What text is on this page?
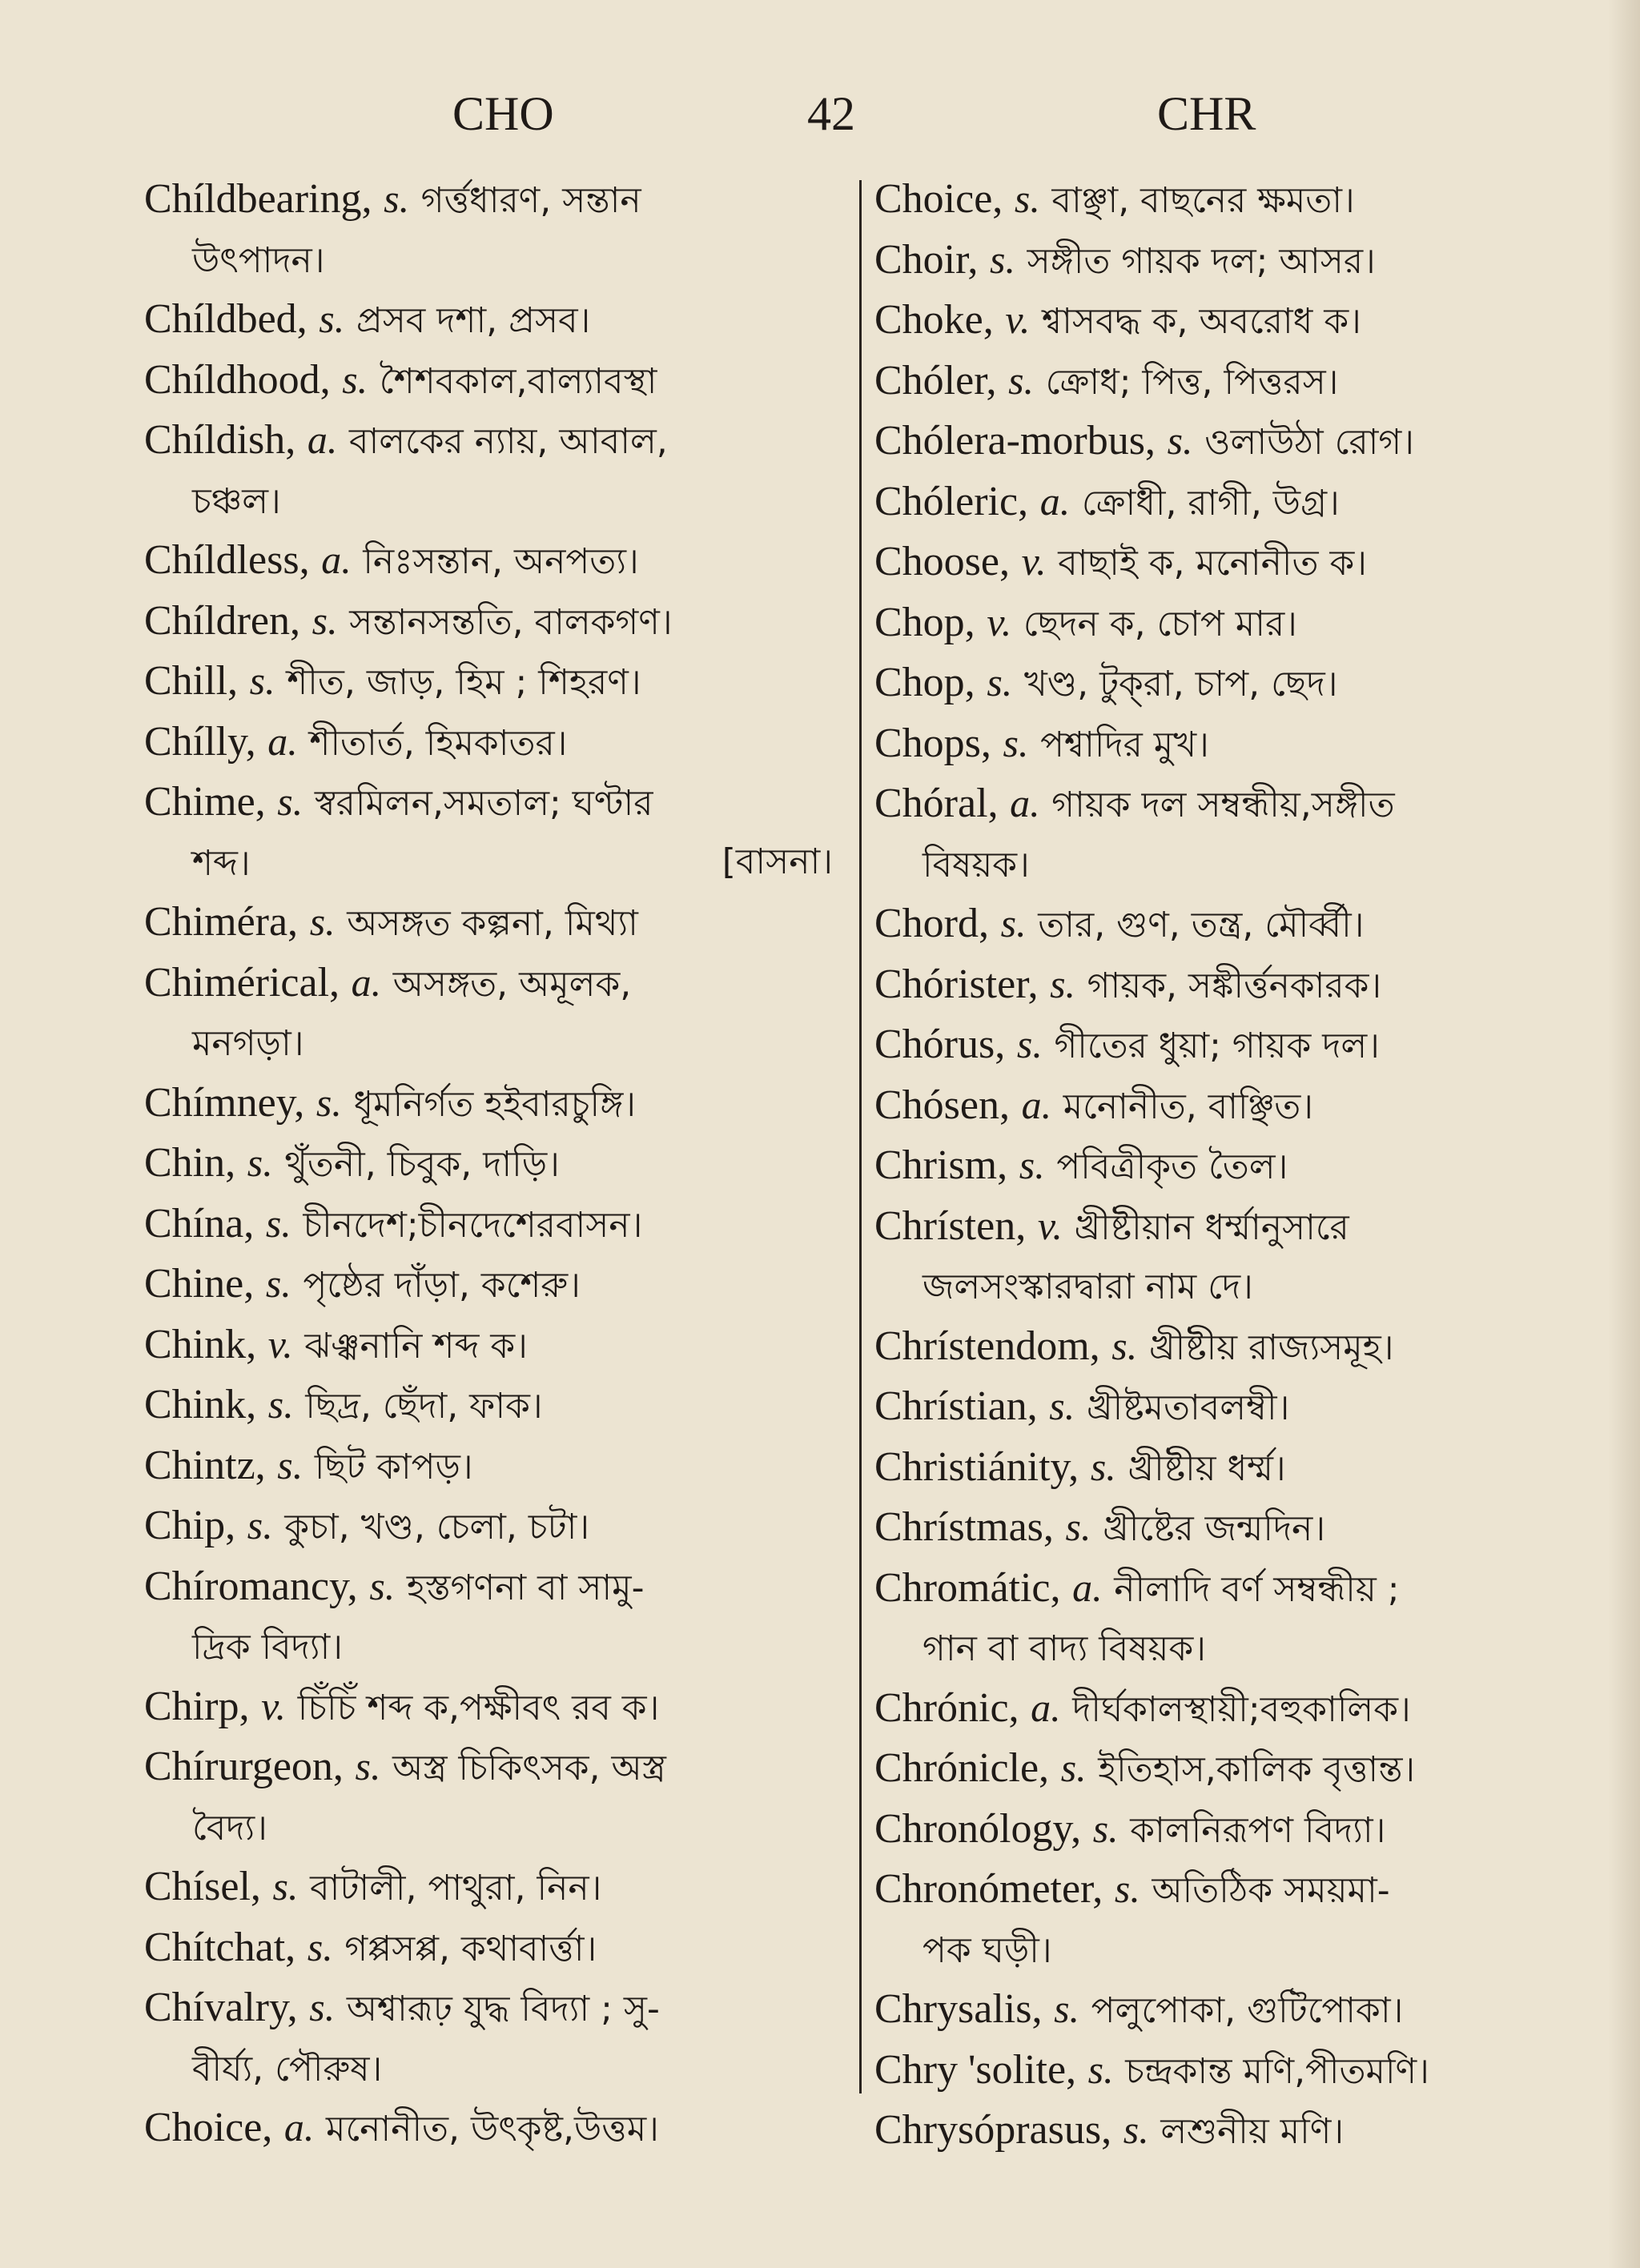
CHO	42	CHR
Chíldbearing, s. গর্ত্তধারণ, সন্তান
উৎপাদন।
Chíldbed, s. প্রসব দশা, প্রসব।
Chíldhood, s. শৈশবকাল,বাল্যাবস্থা
Chíldish, a. বালকের ন্যায়, আবাল,
চঞ্চল।
Chíldless, a. নিঃসন্তান, অনপত্য।
Chíldren, s. সন্তানসন্ততি, বালকগণ।
Chill, s. শীত, জাড়, হিম ; শিহরণ।
Chílly, a. শীতার্ত, হিমকাতর।
Chime, s. স্বরমিলন,সমতাল; ঘণ্টার
শব্দ।	[বাসনা।
Chiméra, s. অসঙ্গত কল্পনা, মিথ্যা
Chimérical, a. অসঙ্গত, অমূলক,
মনগড়া।
Chímney, s. ধূমনির্গত হইবারচুঙ্গি।
Chin, s. থুঁতনী, চিবুক, দাড়ি।
Chína, s. চীনদেশ;চীনদেশেরবাসন।
Chine, s. পৃষ্ঠের দাঁড়া, কশেরু।
Chink, v. ঝঞ্ঝনানি শব্দ ক।
Chink, s. ছিদ্র, ছেঁদা, ফাক।
Chintz, s. ছিট কাপড়।
Chip, s. কুচা, খণ্ড, চেলা, চটা।
Chíromancy, s. হস্তগণনা বা সামু-
দ্রিক বিদ্যা।
Chirp, v. চিঁচিঁ শব্দ ক,পক্ষীবৎ রব ক।
Chírurgeon, s. অস্ত্র চিকিৎসক, অস্ত্র
বৈদ্য।
Chísel, s. বাটালী, পাথুরা, নিন।
Chítchat, s. গপ্পসপ্প, কথাবার্ত্তা।
Chívalry, s. অশ্বারূঢ় যুদ্ধ বিদ্যা ; সু-
বীর্য্য, পৌরুষ।
Choice, a. মনোনীত, উৎকৃষ্ট,উত্তম।
Choice, s. বাঞ্ছা, বাছনের ক্ষমতা।
Choir, s. সঙ্গীত গায়ক দল; আসর।
Choke, v. শ্বাসবদ্ধ ক, অবরোধ ক।
Chóler, s. ক্রোধ; পিত্ত, পিত্তরস।
Chólera-morbus, s. ওলাউঠা রোগ।
Chóleric, a. ক্রোধী, রাগী, উগ্র।
Choose, v. বাছাই ক, মনোনীত ক।
Chop, v. ছেদন ক, চোপ মার।
Chop, s. খণ্ড, টুক্‌রা, চাপ, ছেদ।
Chops, s. পশ্বাদির মুখ।
Chóral, a. গায়ক দল সম্বন্ধীয়,সঙ্গীত
বিষয়ক।
Chord, s. তার, গুণ, তন্ত্র, মৌর্ব্বী।
Chórister, s. গায়ক, সঙ্কীর্ত্তনকারক।
Chórus, s. গীতের ধুয়া; গায়ক দল।
Chósen, a. মনোনীত, বাঞ্ছিত।
Chrism, s. পবিত্রীকৃত তৈল।
Chrísten, v. খ্রীষ্টীয়ান ধর্ম্মানুসারে
জলসংস্কারদ্বারা নাম দে।
Chrístendom, s. খ্রীষ্টীয় রাজ্যসমূহ।
Chrístian, s. খ্রীষ্টমতাবলম্বী।
Christiánity, s. খ্রীষ্টীয় ধর্ম্ম।
Chrístmas, s. খ্রীষ্টের জন্মদিন।
Chromátic, a. নীলাদি বর্ণ সম্বন্ধীয় ;
গান বা বাদ্য বিষয়ক।
Chrónic, a. দীর্ঘকালস্থায়ী;বহুকালিক।
Chrónicle, s. ইতিহাস,কালিক বৃত্তান্ত।
Chronólogy, s. কালনিরূপণ বিদ্যা।
Chronómeter, s. অতিঠিক সময়মা-
পক ঘড়ী।
Chrysalis, s. পলুপোকা, গুটিপোকা।
Chry 'solite, s. চন্দ্রকান্ত মণি,পীতমণি।
Chrysóprasus, s. লশুনীয় মণি।
